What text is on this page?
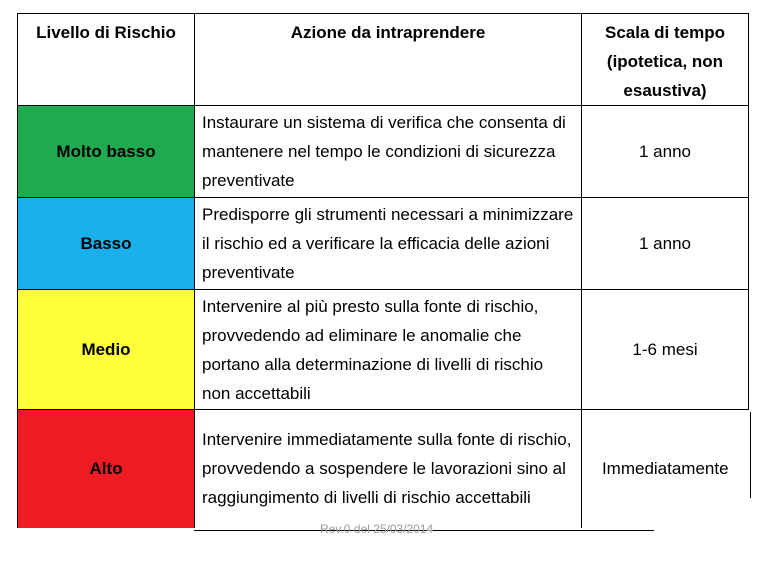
Livello di Rischio	Azione da intraprendere	Scala di tempo (ipotetica, non esaustiva)
Molto basso	Instaurare un sistema di verifica che consenta di mantenere nel tempo le condizioni di sicurezza preventivate	1 anno
Basso	Predisporre gli strumenti necessari a minimizzare il rischio ed a verificare la efficacia delle azioni preventivate	1 anno
Medio	Intervenire al più presto sulla fonte di rischio, provvedendo ad eliminare le anomalie che portano alla determinazione di livelli di rischio non accettabili	1-6 mesi
Alto	Intervenire immediatamente sulla fonte di rischio, provvedendo a sospendere le lavorazioni sino al raggiungimento di livelli di rischio accettabili	Immediatamente
Rev.0 del 25/03/2014
